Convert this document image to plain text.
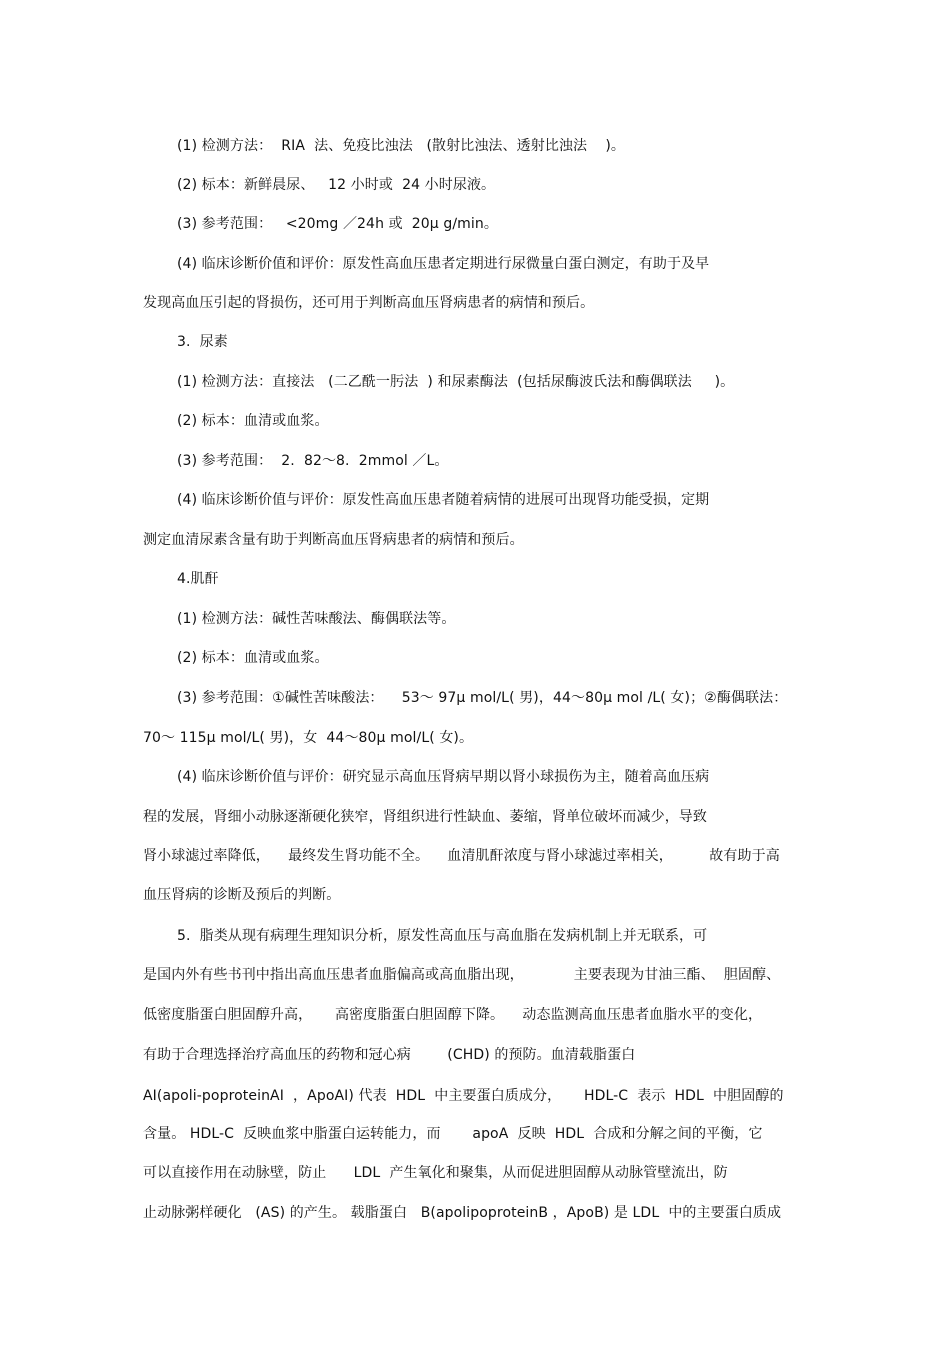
(1) 检测方法：  RIA  法、免疫比浊法   (散射比浊法、透射比浊法    )。
(2) 标本：新鲜晨尿、   12 小时或  24 小时尿液。
(3) 参考范围：   <20mg ／24h 或  20μ g∕min。
(4) 临床诊断价值和评价：原发性高血压患者定期进行尿微量白蛋白测定，有助于及早
发现高血压引起的肾损伤，还可用于判断高血压肾病患者的病情和预后。
3.  尿素
(1) 检测方法：直接法   (二乙酰一肟法  ) 和尿素酶法  (包括尿酶波氏法和酶偶联法     )。
(2) 标本：血清或血浆。
(3) 参考范围：  2.  82～8.  2mmol ／L。
(4) 临床诊断价值与评价：原发性高血压患者随着病情的进展可出现肾功能受损，定期
测定血清尿素含量有助于判断高血压肾病患者的病情和预后。
4.肌酐
(1) 检测方法：碱性苦味酸法、酶偶联法等。
(2) 标本：血清或血浆。
(3) 参考范围：①碱性苦味酸法：    53～ 97μ mol∕L( 男)，44～80μ mol ∕L( 女)；②酶偶联法：
70～ 115μ mol∕L( 男)，女  44～80μ mol∕L( 女)。
(4) 临床诊断价值与评价：研究显示高血压肾病早期以肾小球损伤为主，随着高血压病
程的发展，肾细小动脉逐渐硬化狭窄，肾组织进行性缺血、萎缩，肾单位破坏而减少，导致
肾小球滤过率降低，    最终发生肾功能不全。    血清肌酐浓度与肾小球滤过率相关，        故有助于高
血压肾病的诊断及预后的判断。
5.  脂类从现有病理生理知识分析，原发性高血压与高血脂在发病机制上并无联系，可
是国内外有些书刊中指出高血压患者血脂偏高或高血脂出现，           主要表现为甘油三酯、  胆固醇、
低密度脂蛋白胆固醇升高，     高密度脂蛋白胆固醇下降。    动态监测高血压患者血脂水平的变化，
有助于合理选择治疗高血压的药物和冠心病        (CHD) 的预防。血清载脂蛋白
AI(apoli-poproteinAI  ，ApoAI) 代表  HDL  中主要蛋白质成分，     HDL-C  表示  HDL  中胆固醇的
含量。 HDL-C  反映血浆中脂蛋白运转能力，而       apoA  反映  HDL  合成和分解之间的平衡，它
可以直接作用在动脉壁，防止      LDL  产生氧化和聚集，从而促进胆固醇从动脉管壁流出，防
止动脉粥样硬化   (AS) 的产生。 载脂蛋白   B(apolipoproteinB ，ApoB) 是 LDL  中的主要蛋白质成
